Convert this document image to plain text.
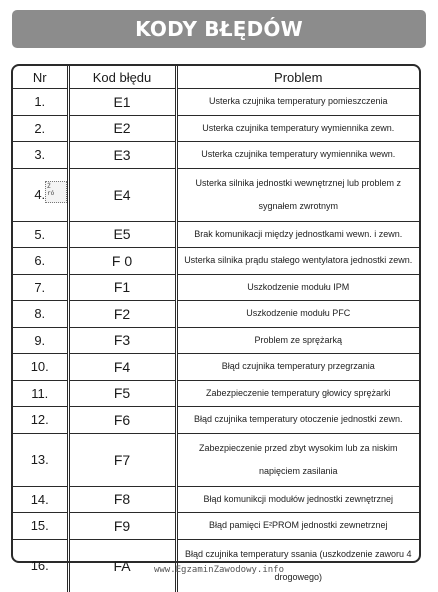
KODY BŁĘDÓW
Nr	Kod błędu	Problem
1.	E1	Usterka czujnika temperatury pomieszczenia
2.	E2	Usterka czujnika temperatury wymiennika zewn.
3.	E3	Usterka czujnika temperatury wymiennika wewn.
4.	E4	Usterka silnika jednostki wewnętrznej lub problem z sygnałem zwrotnym
5.	E5	Brak komunikacji między jednostkami wewn. i zewn.
6.	F 0	Usterka silnika prądu stałego wentylatora jednostki zewn.
7.	F1	Uszkodzenie modułu IPM
8.	F2	Uszkodzenie modułu PFC
9.	F3	Problem ze sprężarką
10.	F4	Błąd czujnika temperatury przegrzania
11.	F5	Zabezpieczenie temperatury głowicy sprężarki
12.	F6	Błąd czujnika temperatury otoczenie jednostki zewn.
13.	F7	Zabezpieczenie przed zbyt wysokim lub za niskim napięciem zasilania
14.	F8	Błąd komunikcji modułów jednostki zewnętrznej
15.	F9	Błąd pamięci E²PROM jednostki zewnetrznej
16.	FA	Błąd czujnika temperatury ssania (uszkodzenie zaworu 4 drogowego)
Ź
ró
www.EgzaminZawodowy.info
